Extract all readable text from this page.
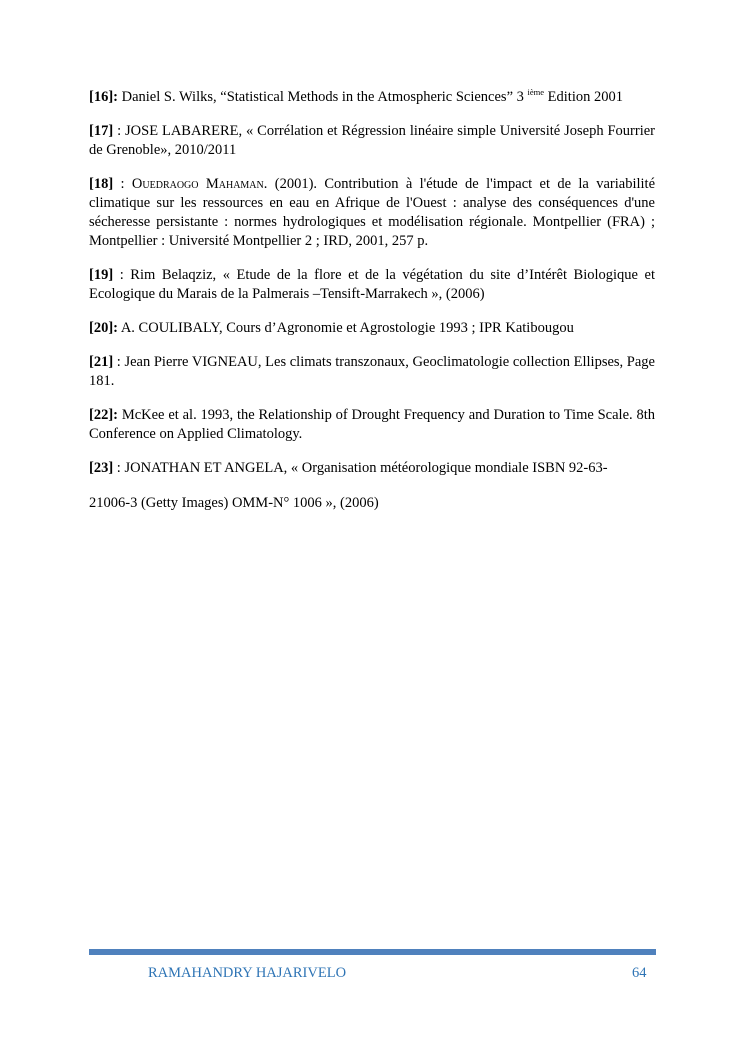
[16]: Daniel S. Wilks, “Statistical Methods in the Atmospheric Sciences” 3 $^{ième}$ Edition 2001

[17] : JOSE LABARERE, « Corrélation et Régression linéaire simple Université Joseph Fourrier de Grenoble», 2010/2011

[18] : Ouedraogo Mahaman. (2001). Contribution à l'étude de l'impact et de la variabilité climatique sur les ressources en eau en Afrique de l'Ouest : analyse des conséquences d'une sécheresse persistante : normes hydrologiques et modélisation régionale. Montpellier (FRA) ; Montpellier : Université Montpellier 2 ; IRD, 2001, 257 p.

[19] : Rim Belaqziz, « Etude de la flore et de la végétation du site d’Intérêt Biologique et Ecologique du Marais de la Palmerais –Tensift-Marrakech », (2006)

[20]: A. COULIBALY, Cours d’Agronomie et Agrostologie 1993 ; IPR Katibougou

[21] : Jean Pierre VIGNEAU, Les climats transzonaux, Geoclimatologie collection Ellipses, Page 181.

[22]: McKee et al. 1993, the Relationship of Drought Frequency and Duration to Time Scale. 8th Conference on Applied Climatology.

[23] : JONATHAN ET ANGELA, « Organisation météorologique mondiale ISBN 92-63-

21006-3 (Getty Images) OMM-N° 1006 », (2006)

RAMAHANDRY HAJARIVELO	64
